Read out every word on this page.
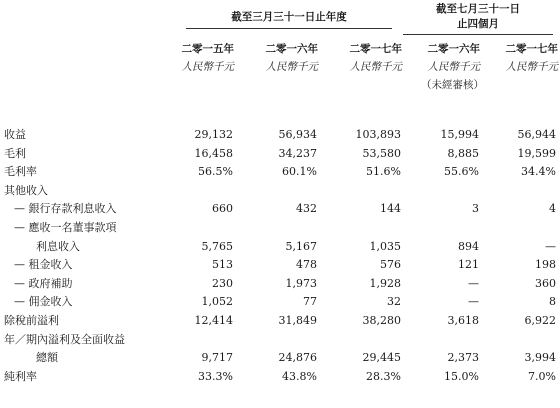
截至三月三十一日止年度
截至七月三十一日
止四個月
二零一五年
人民幣千元
二零一六年
人民幣千元
二零一七年
人民幣千元
二零一六年
人民幣千元
（未經審核）
二零一七年
人民幣千元
收益	29,132	56,934	103,893	15,994	56,944
毛利	16,458	34,237	53,580	8,885	19,599
毛利率	56.5%	60.1%	51.6%	55.6%	34.4%
其他收入
— 銀行存款利息收入	660	432	144	3	4
— 應收一名董事款項
利息收入	5,765	5,167	1,035	894	—
— 租金收入	513	478	576	121	198
— 政府補助	230	1,973	1,928	—	360
— 佣金收入	1,052	77	32	—	8
除稅前溢利	12,414	31,849	38,280	3,618	6,922
年／期內溢利及全面收益
總額	9,717	24,876	29,445	2,373	3,994
純利率	33.3%	43.8%	28.3%	15.0%	7.0%
